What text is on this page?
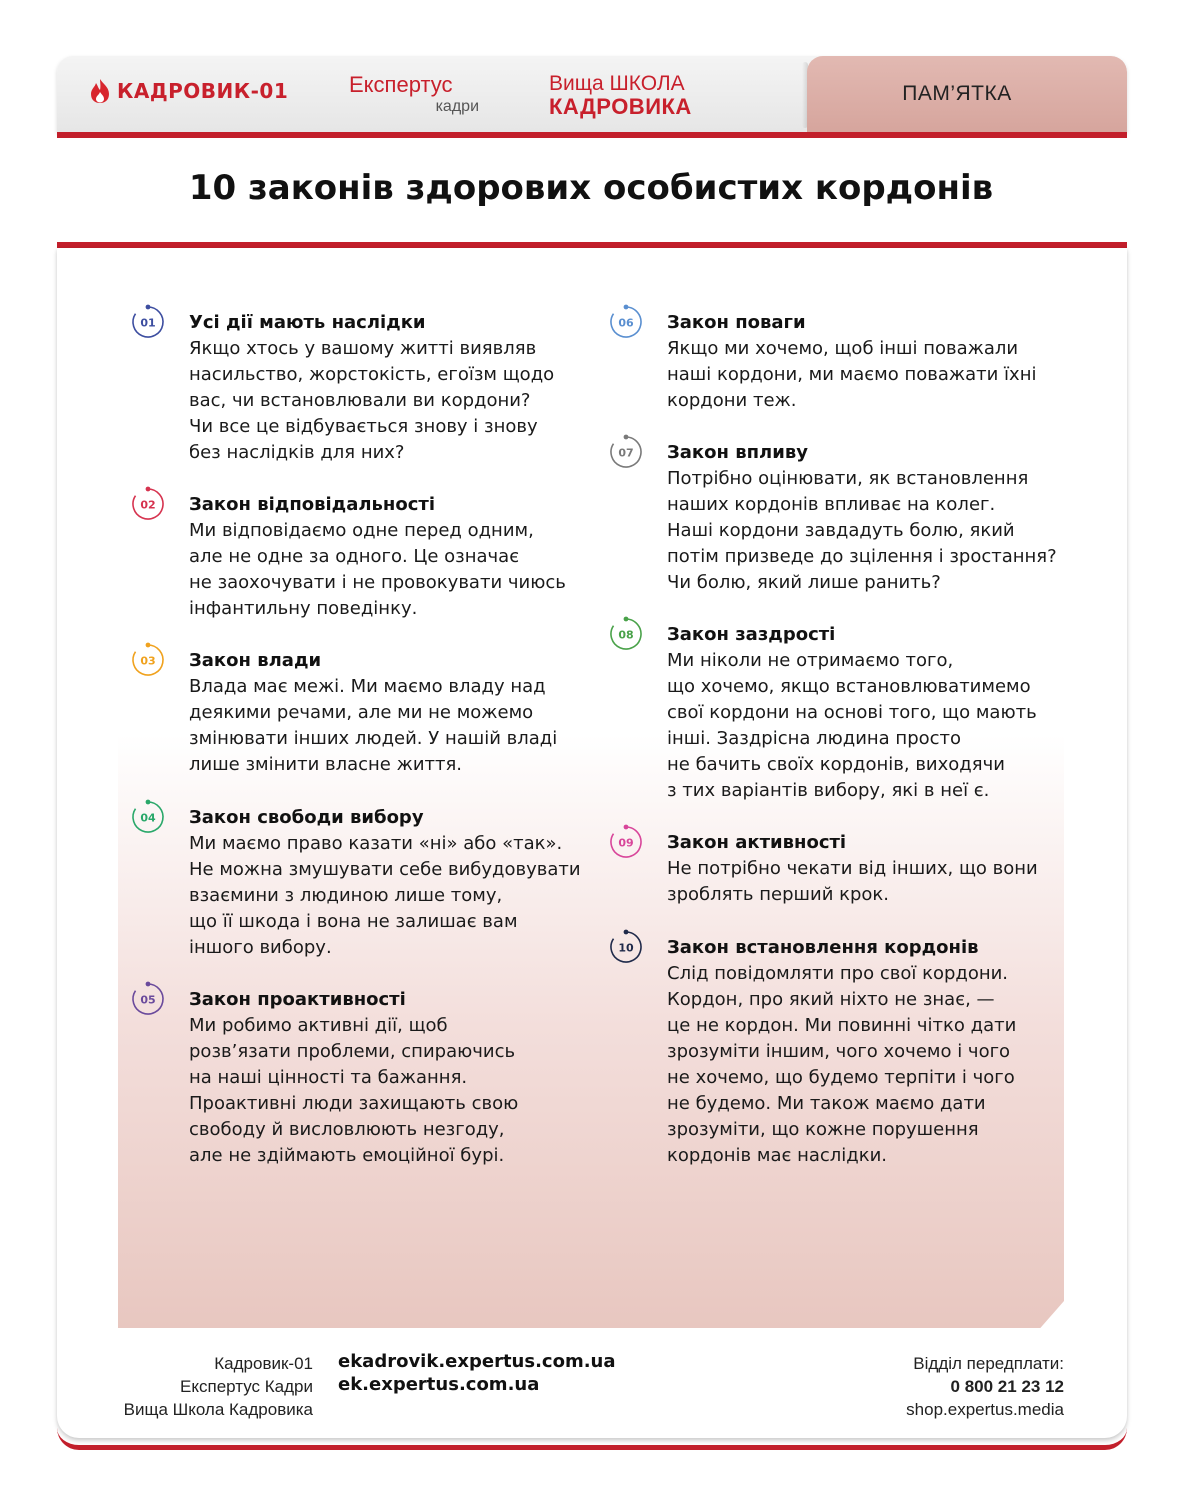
КАДРОВИК-01	Експертус
кадри
Вища ШКОЛА
КАДРОВИКА
ПАМ’ЯТКА
10 законів здорових особистих кордонів
01 Усі дії мають наслідки

Якщо хтось у вашому житті виявляв
насильство, жорстокість, егоїзм щодо
вас, чи встановлювали ви кордони?
Чи все це відбувається знову і знову
без наслідків для них?

02 Закон відповідальності

Ми відповідаємо одне перед одним,
але не одне за одного. Це означає
не заохочувати і не провокувати чиюсь
інфантильну поведінку.

03 Закон влади

Влада має межі. Ми маємо владу над
деякими речами, але ми не можемо
змінювати інших людей. У нашій владі
лише змінити власне життя.

04 Закон свободи вибору

Ми маємо право казати «ні» або «так».
Не можна змушувати себе вибудовувати
взаємини з людиною лише тому,
що її шкода і вона не залишає вам
іншого вибору.

05 Закон проактивності

Ми робимо активні дії, щоб
розв’язати проблеми, спираючись
на наші цінності та бажання.
Проактивні люди захищають свою
свободу й висловлюють незгоду,
але не здіймають емоційної бурі.

06 Закон поваги

Якщо ми хочемо, щоб інші поважали
наші кордони, ми маємо поважати їхні
кордони теж.

07 Закон впливу

Потрібно оцінювати, як встановлення
наших кордонів впливає на колег.
Наші кордони завдадуть болю, який
потім призведе до зцілення і зростання?
Чи болю, який лише ранить?

08 Закон заздрості

Ми ніколи не отримаємо того,
що хочемо, якщо встановлюватимемо
свої кордони на основі того, що мають
інші. Заздрісна людина просто
не бачить своїх кордонів, виходячи
з тих варіантів вибору, які в неї є.

09 Закон активності

Не потрібно чекати від інших, що вони
зроблять перший крок.

10 Закон встановлення кордонів

Слід повідомляти про свої кордони.
Кордон, про який ніхто не знає, —
це не кордон. Ми повинні чітко дати
зрозуміти іншим, чого хочемо і чого
не хочемо, що будемо терпіти і чого
не будемо. Ми також маємо дати
зрозуміти, що кожне порушення
кордонів має наслідки.

Кадровик-01
Експертус Кадри
Вища Школа Кадровика
ekadrovik.expertus.com.ua
ek.expertus.com.ua
Відділ передплати:
0 800 21 23 12
shop.expertus.media
